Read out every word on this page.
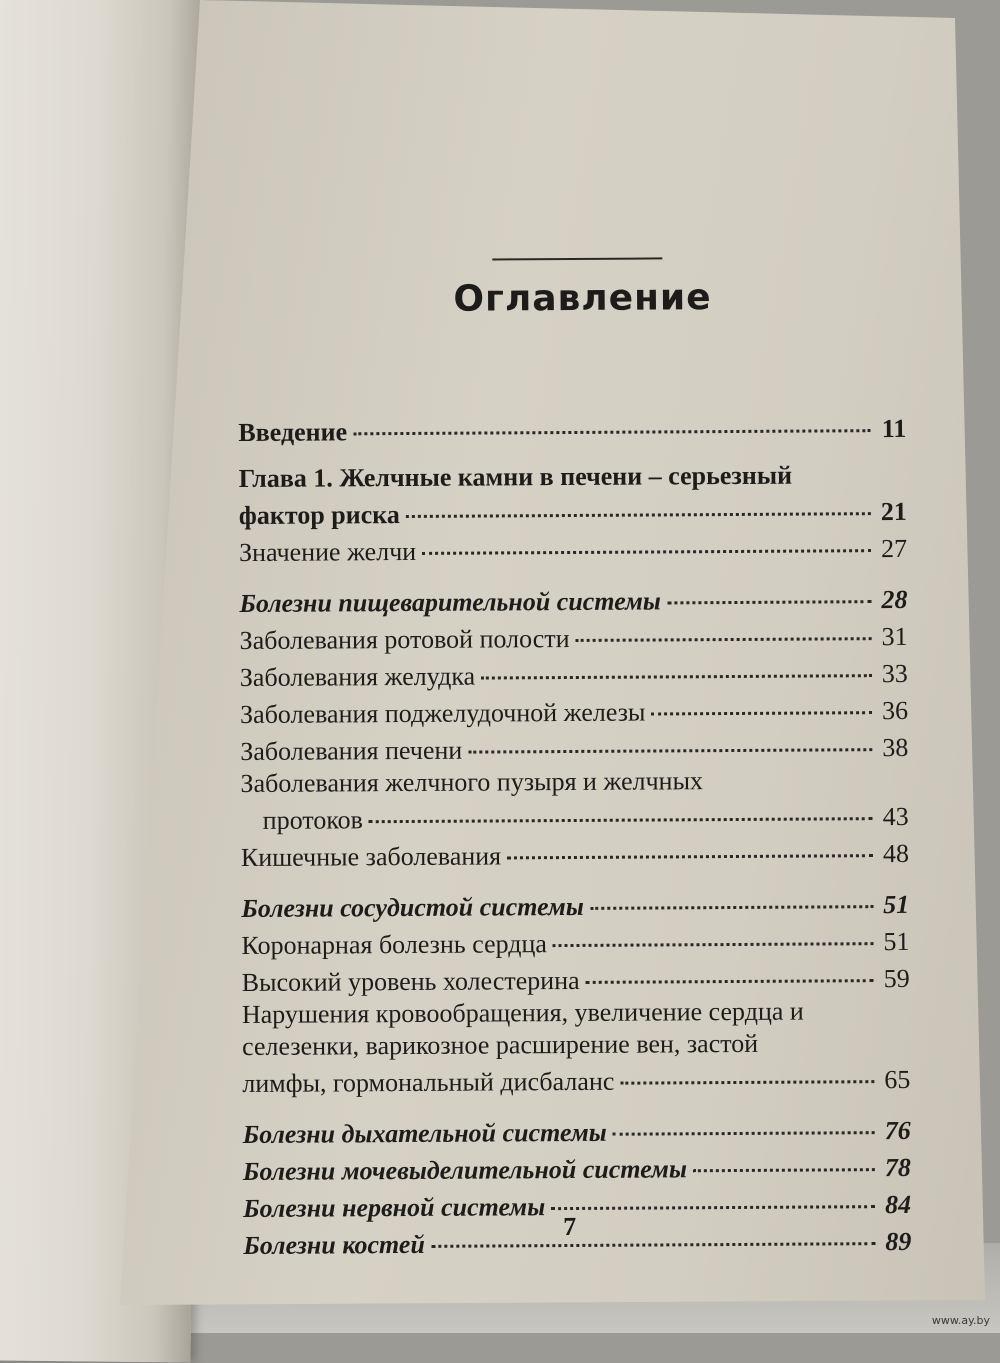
Оглавление
Введение	11
Глава 1. Желчные камни в печени – серьезный
фактор риска	21
Значение желчи	27
Болезни пищеварительной системы	28
Заболевания ротовой полости	31
Заболевания желудка	33
Заболевания поджелудочной железы	36
Заболевания печени	38
Заболевания желчного пузыря и желчных
протоков	43
Кишечные заболевания	48
Болезни сосудистой системы	51
Коронарная болезнь сердца	51
Высокий уровень холестерина	59
Нарушения кровообращения, увеличение сердца и
селезенки, варикозное расширение вен, застой
лимфы, гормональный дисбаланс	65
Болезни дыхательной системы	76
Болезни мочевыделительной системы	78
Болезни нервной системы	84
Болезни костей	89
7
www.ay.by
